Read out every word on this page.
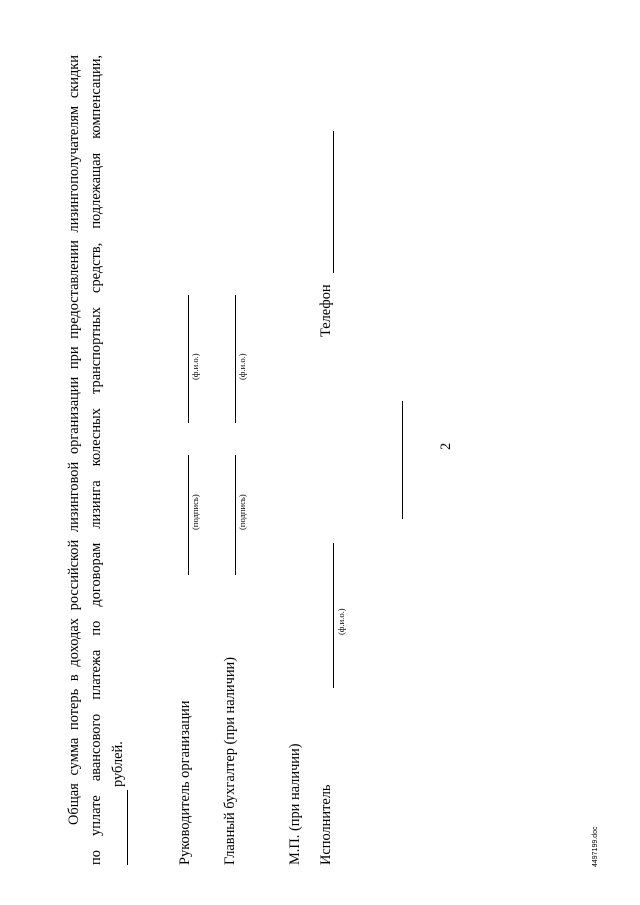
2
Общая сумма потерь в доходах российской лизинговой организации при предоставлении лизингополучателям скидки по уплате авансового платежа по договорам лизинга колесных транспортных средств, подлежащая компенсации, рублей.	Руководитель организации
(подпись)
(ф.и.о.)
Главный бухгалтер (при наличии)
(подпись)
(ф.и.о.)
М.П. (при наличии) Исполнитель
(ф.и.о.)
Телефон
4497199.doc
